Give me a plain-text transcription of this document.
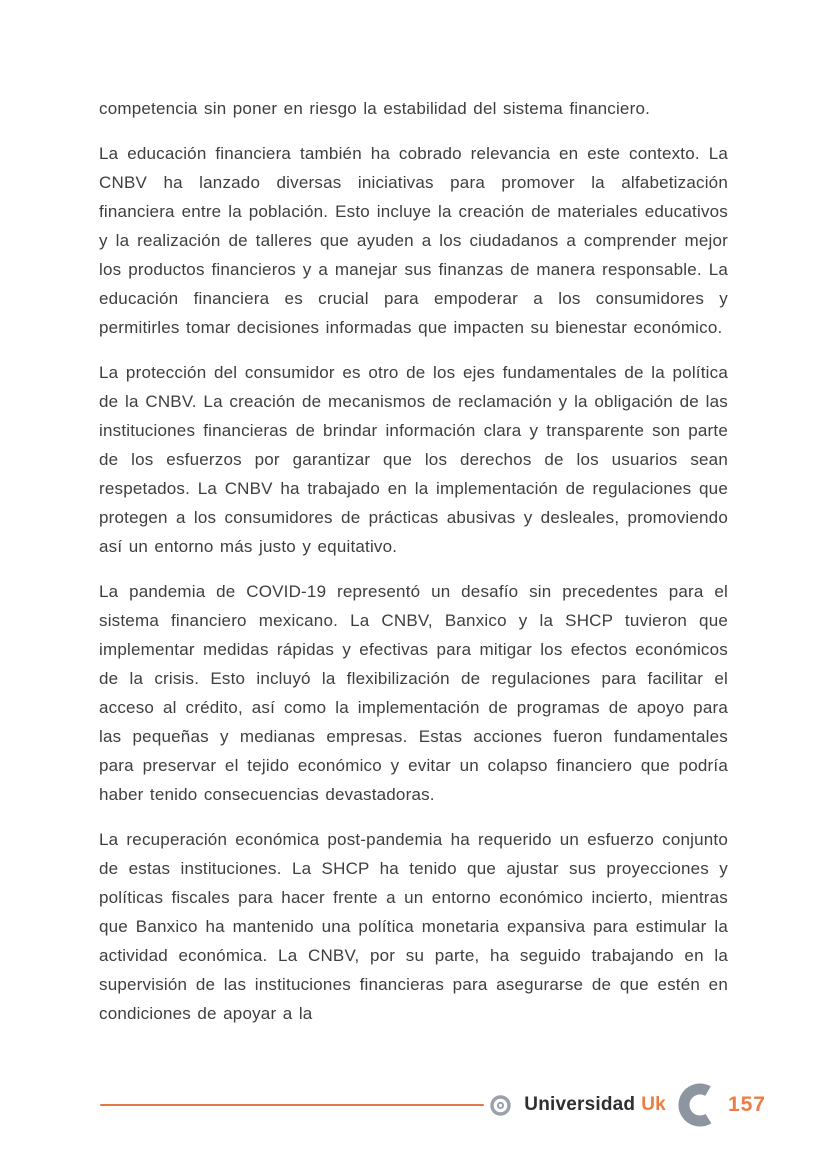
competencia sin poner en riesgo la estabilidad del sistema financiero.

La educación financiera también ha cobrado relevancia en este contexto. La CNBV ha lanzado diversas iniciativas para promover la alfabetización financiera entre la población. Esto incluye la creación de materiales educativos y la realización de talleres que ayuden a los ciudadanos a comprender mejor los productos financieros y a manejar sus finanzas de manera responsable. La educación financiera es crucial para empoderar a los consumidores y permitirles tomar decisiones informadas que impacten su bienestar económico.

La protección del consumidor es otro de los ejes fundamentales de la política de la CNBV. La creación de mecanismos de reclamación y la obligación de las instituciones financieras de brindar información clara y transparente son parte de los esfuerzos por garantizar que los derechos de los usuarios sean respetados. La CNBV ha trabajado en la implementación de regulaciones que protegen a los consumidores de prácticas abusivas y desleales, promoviendo así un entorno más justo y equitativo.

La pandemia de COVID-19 representó un desafío sin precedentes para el sistema financiero mexicano. La CNBV, Banxico y la SHCP tuvieron que implementar medidas rápidas y efectivas para mitigar los efectos económicos de la crisis. Esto incluyó la flexibilización de regulaciones para facilitar el acceso al crédito, así como la implementación de programas de apoyo para las pequeñas y medianas empresas. Estas acciones fueron fundamentales para preservar el tejido económico y evitar un colapso financiero que podría haber tenido consecuencias devastadoras.

La recuperación económica post-pandemia ha requerido un esfuerzo conjunto de estas instituciones. La SHCP ha tenido que ajustar sus proyecciones y políticas fiscales para hacer frente a un entorno económico incierto, mientras que Banxico ha mantenido una política monetaria expansiva para estimular la actividad económica. La CNBV, por su parte, ha seguido trabajando en la supervisión de las instituciones financieras para asegurarse de que estén en condiciones de apoyar a la

Universidad Uk	157
